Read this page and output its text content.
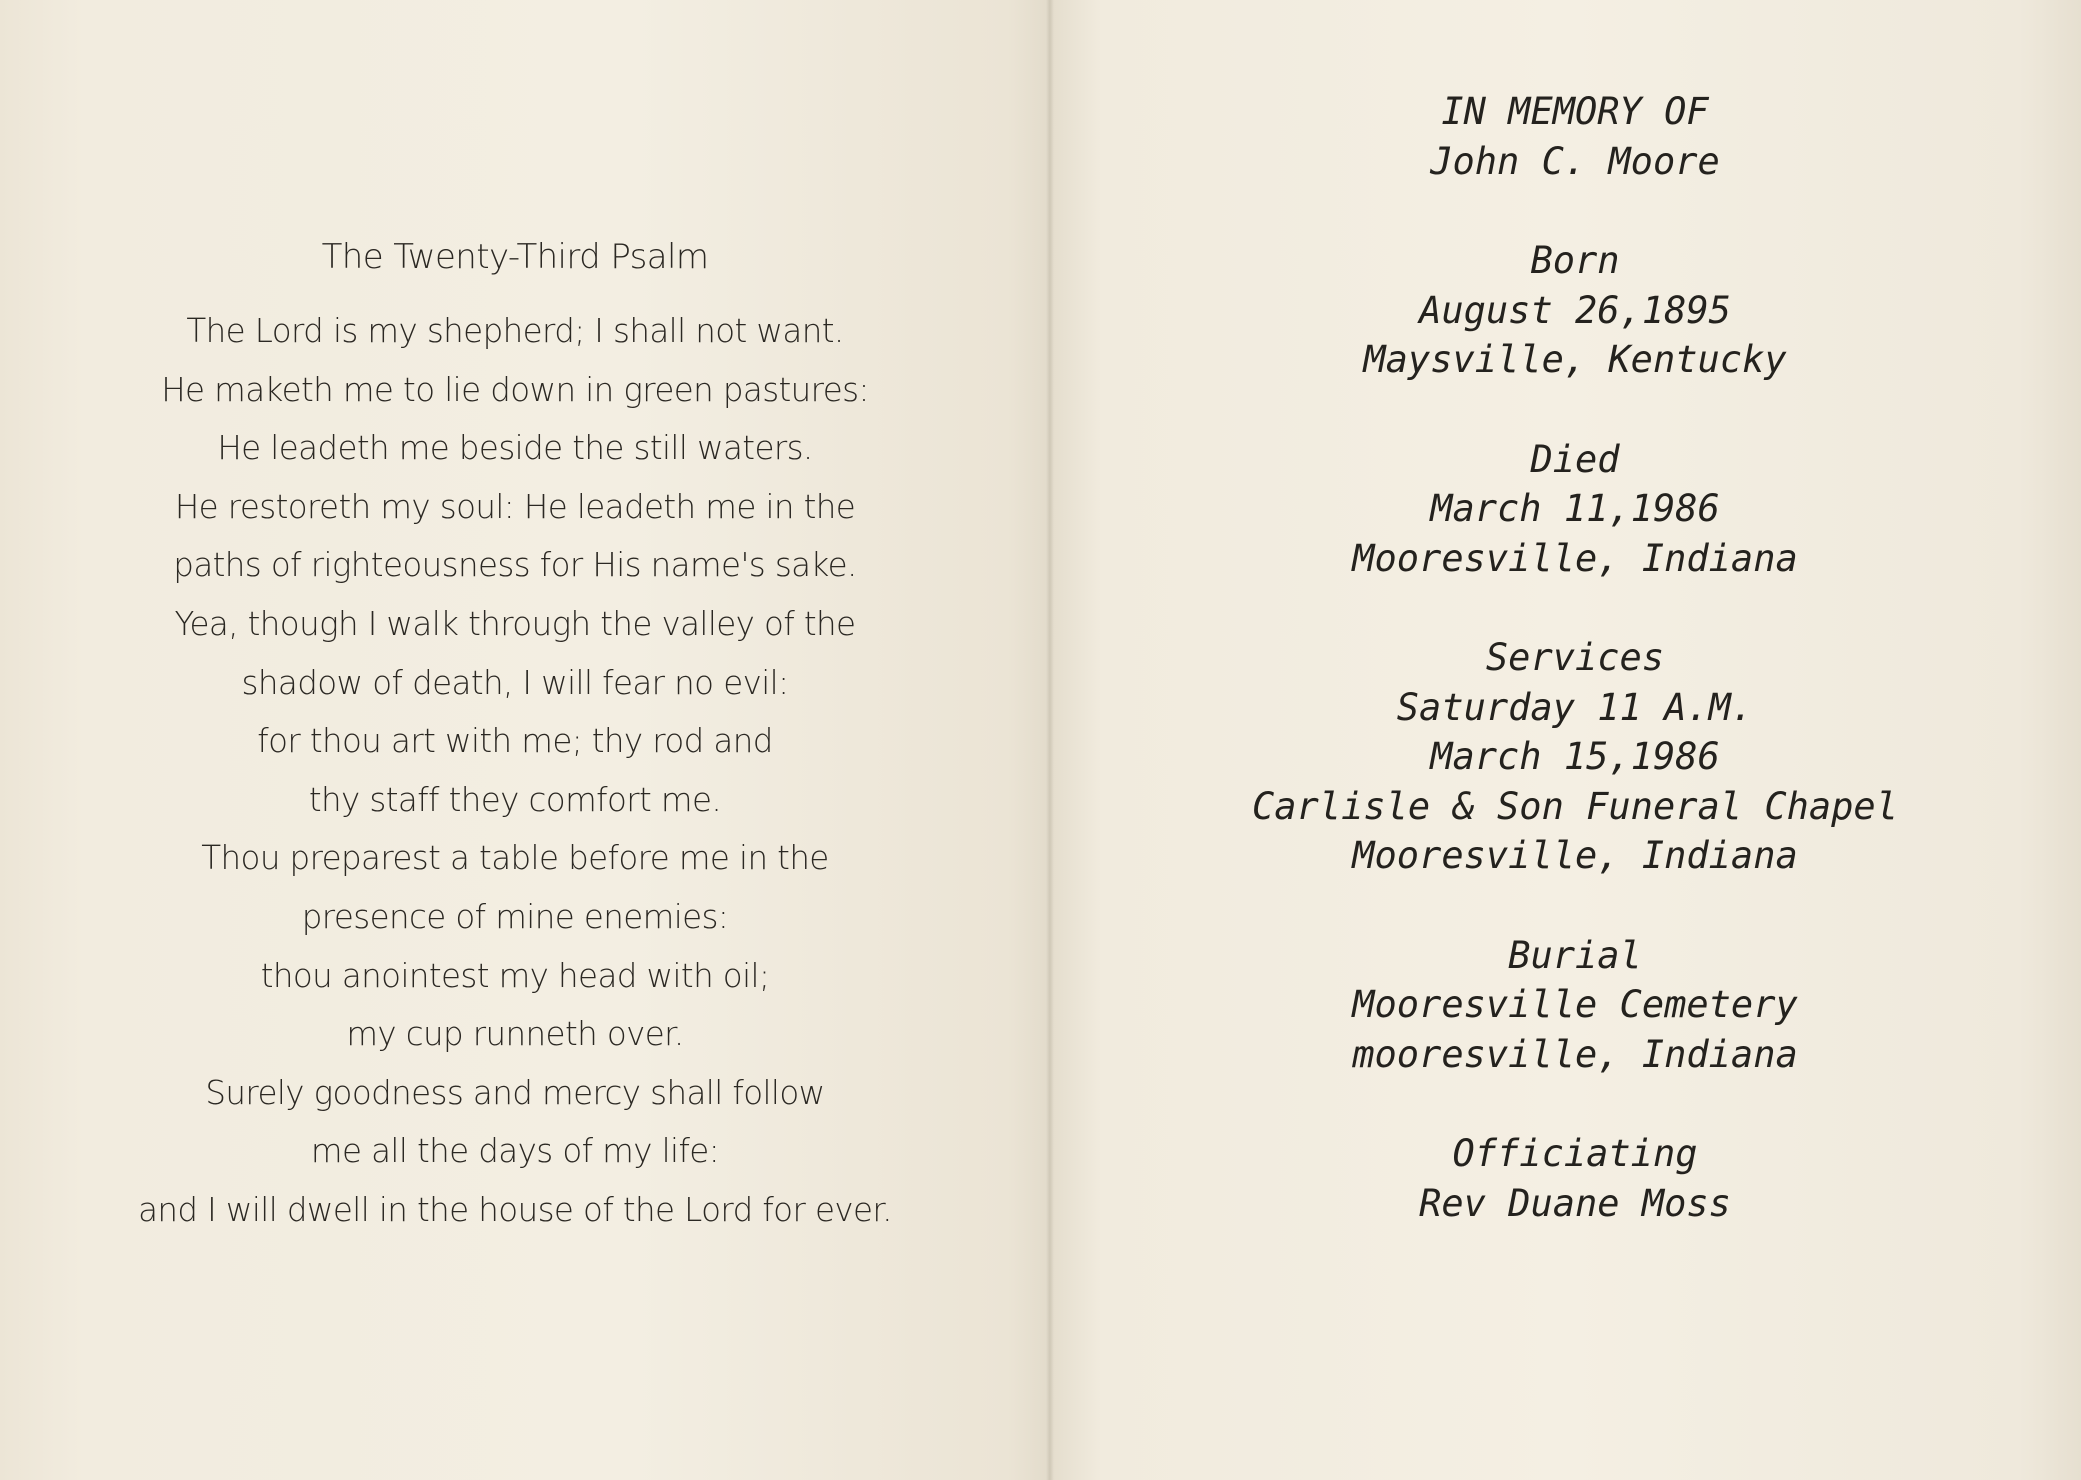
The Twenty-Third Psalm
The Lord is my shepherd; I shall not want.
He maketh me to lie down in green pastures:
He leadeth me beside the still waters.
He restoreth my soul: He leadeth me in the
paths of righteousness for His name's sake.
Yea, though I walk through the valley of the
shadow of death, I will fear no evil:
for thou art with me; thy rod and
thy staff they comfort me.
Thou preparest a table before me in the
presence of mine enemies:
thou anointest my head with oil;
my cup runneth over.
Surely goodness and mercy shall follow
me all the days of my life:
and I will dwell in the house of the Lord for ever.
IN MEMORY OF
John C. Moore
Born
August 26,1895
Maysville, Kentucky
Died
March 11,1986
Mooresville, Indiana
Services
Saturday 11 A.M.
March 15,1986
Carlisle & Son Funeral Chapel
Mooresville, Indiana
Burial
Mooresville Cemetery
mooresville, Indiana
Officiating
Rev Duane Moss
